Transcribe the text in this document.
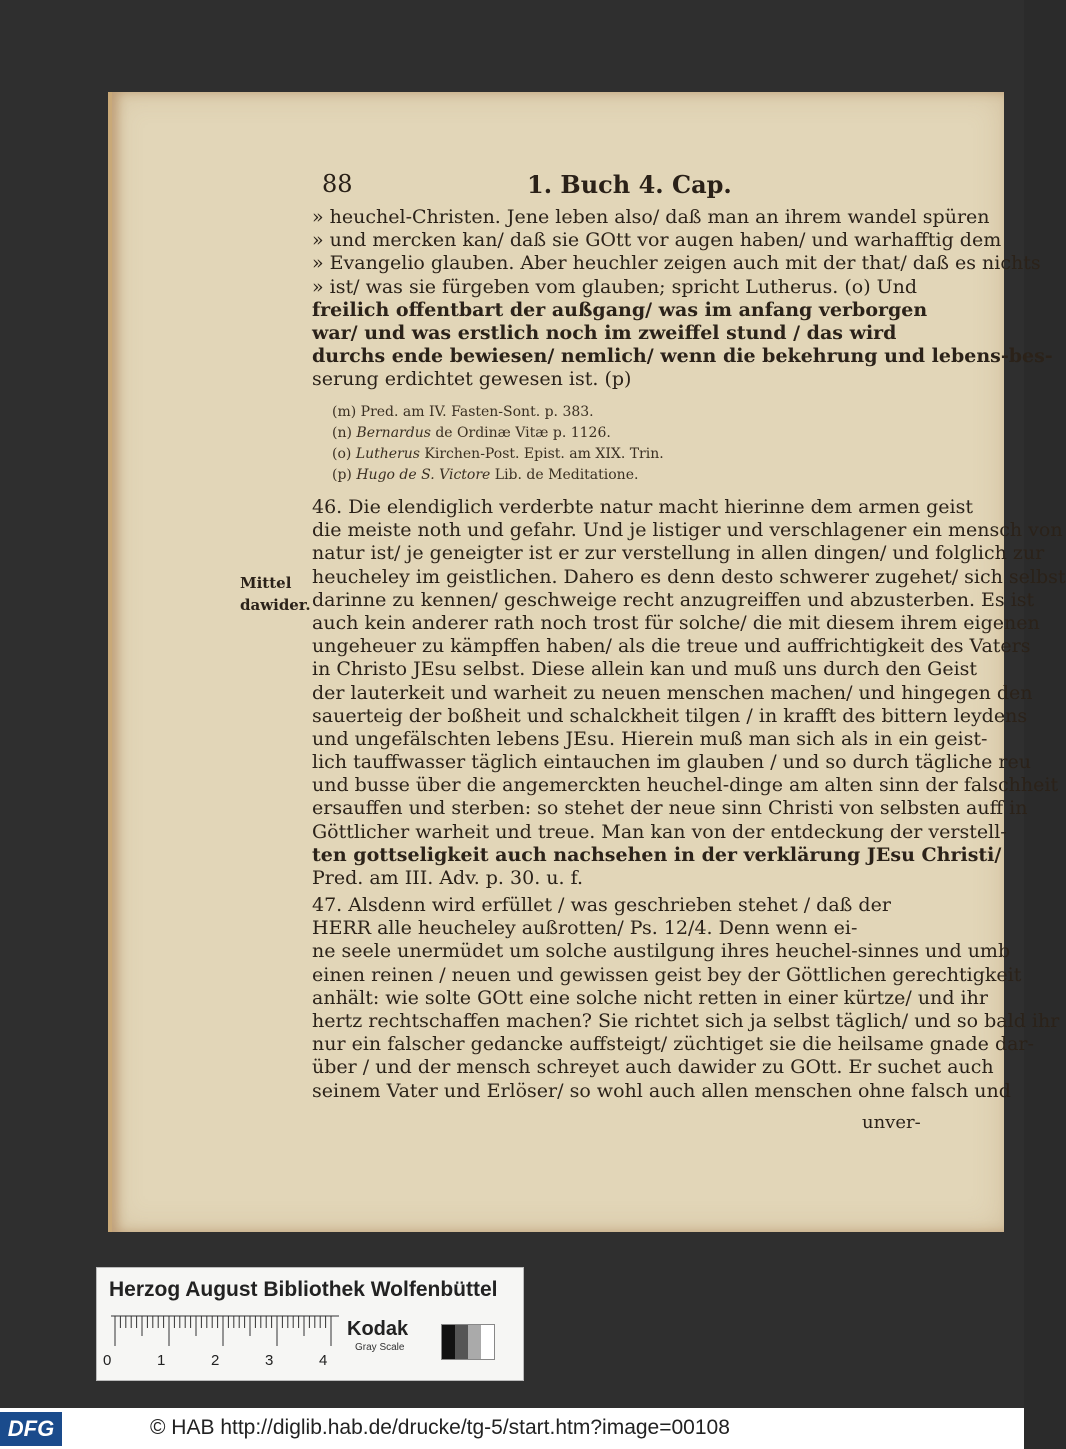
88	1. Buch 4. Cap.
» heuchel-Christen. Jene leben also/ daß man an ihrem wandel spüren
» und mercken kan/ daß sie GOtt vor augen haben/ und warhafftig dem
» Evangelio glauben. Aber heuchler zeigen auch mit der that/ daß es nichts
» ist/ was sie fürgeben vom glauben; spricht Lutherus. (o) Und
freilich offentbart der außgang/ was im anfang verborgen
war/ und was erstlich noch im zweiffel stund / das wird
durchs ende bewiesen/ nemlich/ wenn die bekehrung und lebens-bes-
serung erdichtet gewesen ist. (p)
(m) Pred. am IV. Fasten-Sont. p. 383.
(n) Bernardus de Ordinæ Vitæ p. 1126.
(o) Lutherus Kirchen-Post. Epist. am XIX. Trin.
(p) Hugo de S. Victore Lib. de Meditatione.
Mittel
dawider.
46. Die elendiglich verderbte natur macht hierinne dem armen geist
die meiste noth und gefahr. Und je listiger und verschlagener ein mensch von
natur ist/ je geneigter ist er zur verstellung in allen dingen/ und folglich zur
heucheley im geistlichen. Dahero es denn desto schwerer zugehet/ sich selbst
darinne zu kennen/ geschweige recht anzugreiffen und abzusterben. Es ist
auch kein anderer rath noch trost für solche/ die mit diesem ihrem eigenen
ungeheuer zu kämpffen haben/ als die treue und auffrichtigkeit des Vaters
in Christo JEsu selbst. Diese allein kan und muß uns durch den Geist
der lauterkeit und warheit zu neuen menschen machen/ und hingegen den
sauerteig der boßheit und schalckheit tilgen / in krafft des bittern leydens
und ungefälschten lebens JEsu. Hierein muß man sich als in ein geist-
lich tauffwasser täglich eintauchen im glauben / und so durch tägliche reu
und busse über die angemerckten heuchel-dinge am alten sinn der falschheit
ersauffen und sterben: so stehet der neue sinn Christi von selbsten auff in
Göttlicher warheit und treue. Man kan von der entdeckung der verstell-
ten gottseligkeit auch nachsehen in der verklärung JEsu Christi/
Pred. am III. Adv. p. 30. u. f.
47. Alsdenn wird erfüllet / was geschrieben stehet / daß der
HERR alle heucheley außrotten/ Ps. 12/4. Denn wenn ei-
ne seele unermüdet um solche austilgung ihres heuchel-sinnes und umb
einen reinen / neuen und gewissen geist bey der Göttlichen gerechtigkeit
anhält: wie solte GOtt eine solche nicht retten in einer kürtze/ und ihr
hertz rechtschaffen machen? Sie richtet sich ja selbst täglich/ und so bald ihr
nur ein falscher gedancke auffsteigt/ züchtiget sie die heilsame gnade dar-
über / und der mensch schreyet auch dawider zu GOtt. Er suchet auch
seinem Vater und Erlöser/ so wohl auch allen menschen ohne falsch und
unver-
Herzog August Bibliothek Wolfenbüttel
0	1	2	3	4
Kodak
Gray Scale
DFG	© HAB http://diglib.hab.de/drucke/tg-5/start.htm?image=00108
